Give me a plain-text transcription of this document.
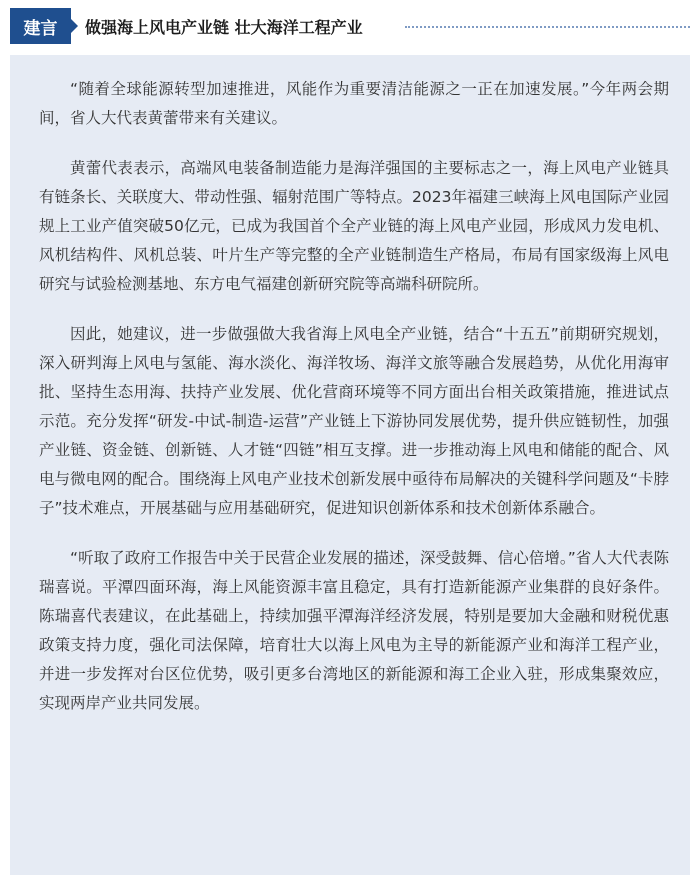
建言	做强海上风电产业链 壮大海洋工程产业

“随着全球能源转型加速推进，风能作为重要清洁能源之一正在加速发展。”今年两会期间，省人大代表黄蕾带来有关建议。

黄蕾代表表示，高端风电装备制造能力是海洋强国的主要标志之一，海上风电产业链具有链条长、关联度大、带动性强、辐射范围广等特点。2023年福建三峡海上风电国际产业园规上工业产值突破50亿元，已成为我国首个全产业链的海上风电产业园，形成风力发电机、风机结构件、风机总装、叶片生产等完整的全产业链制造生产格局，布局有国家级海上风电研究与试验检测基地、东方电气福建创新研究院等高端科研院所。

因此，她建议，进一步做强做大我省海上风电全产业链，结合“十五五”前期研究规划，深入研判海上风电与氢能、海水淡化、海洋牧场、海洋文旅等融合发展趋势，从优化用海审批、坚持生态用海、扶持产业发展、优化营商环境等不同方面出台相关政策措施，推进试点示范。充分发挥“研发-中试-制造-运营”产业链上下游协同发展优势，提升供应链韧性，加强产业链、资金链、创新链、人才链“四链”相互支撑。进一步推动海上风电和储能的配合、风电与微电网的配合。围绕海上风电产业技术创新发展中亟待布局解决的关键科学问题及“卡脖子”技术难点，开展基础与应用基础研究，促进知识创新体系和技术创新体系融合。

“听取了政府工作报告中关于民营企业发展的描述，深受鼓舞、信心倍增。”省人大代表陈瑞喜说。平潭四面环海，海上风能资源丰富且稳定，具有打造新能源产业集群的良好条件。陈瑞喜代表建议，在此基础上，持续加强平潭海洋经济发展，特别是要加大金融和财税优惠政策支持力度，强化司法保障，培育壮大以海上风电为主导的新能源产业和海洋工程产业，并进一步发挥对台区位优势，吸引更多台湾地区的新能源和海工企业入驻，形成集聚效应，实现两岸产业共同发展。
